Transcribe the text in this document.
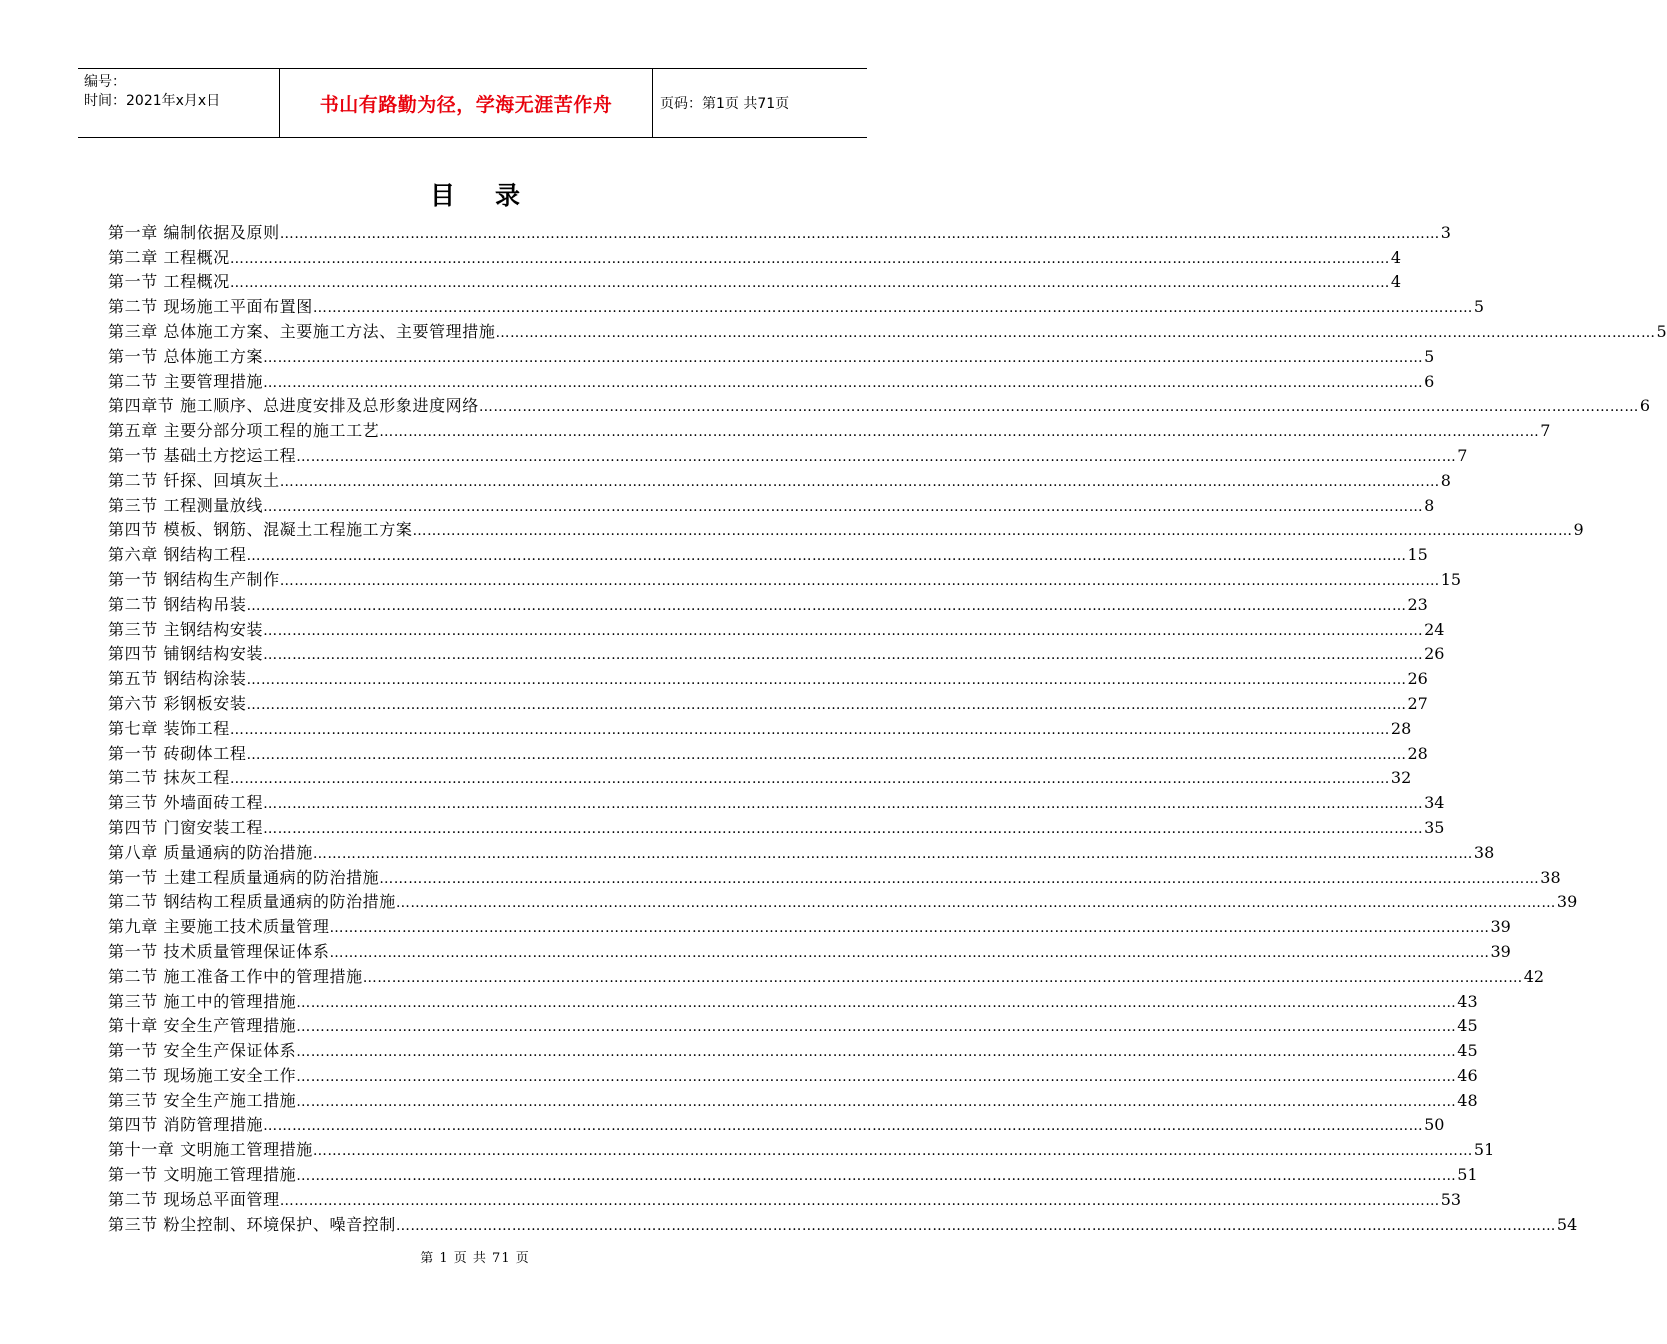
编号：
时间：2021年x月x日	书山有路勤为径，学海无涯苦作舟	页码：第1页 共71页
目录
第一章 编制依据及原则 …………………………………………………………………………………………………………………………………………………………………………………………………………………… 3
第二章 工程概况 …………………………………………………………………………………………………………………………………………………………………………………………………………………… 4
第一节 工程概况 …………………………………………………………………………………………………………………………………………………………………………………………………………………… 4
第二节 现场施工平面布置图 …………………………………………………………………………………………………………………………………………………………………………………………………………………… 5
第三章 总体施工方案、主要施工方法、主要管理措施 …………………………………………………………………………………………………………………………………………………………………………………………………………………… 5
第一节 总体施工方案 …………………………………………………………………………………………………………………………………………………………………………………………………………………… 5
第二节 主要管理措施 …………………………………………………………………………………………………………………………………………………………………………………………………………………… 6
第四章节 施工顺序、总进度安排及总形象进度网络 …………………………………………………………………………………………………………………………………………………………………………………………………………………… 6
第五章 主要分部分项工程的施工工艺 …………………………………………………………………………………………………………………………………………………………………………………………………………………… 7
第一节 基础土方挖运工程 …………………………………………………………………………………………………………………………………………………………………………………………………………………… 7
第二节 钎探、回填灰土 …………………………………………………………………………………………………………………………………………………………………………………………………………………… 8
第三节 工程测量放线 …………………………………………………………………………………………………………………………………………………………………………………………………………………… 8
第四节 模板、钢筋、混凝土工程施工方案 …………………………………………………………………………………………………………………………………………………………………………………………………………………… 9
第六章 钢结构工程 …………………………………………………………………………………………………………………………………………………………………………………………………………………… 15
第一节 钢结构生产制作 …………………………………………………………………………………………………………………………………………………………………………………………………………………… 15
第二节 钢结构吊装 …………………………………………………………………………………………………………………………………………………………………………………………………………………… 23
第三节 主钢结构安装 …………………………………………………………………………………………………………………………………………………………………………………………………………………… 24
第四节 铺钢结构安装 …………………………………………………………………………………………………………………………………………………………………………………………………………………… 26
第五节 钢结构涂装 …………………………………………………………………………………………………………………………………………………………………………………………………………………… 26
第六节 彩钢板安装 …………………………………………………………………………………………………………………………………………………………………………………………………………………… 27
第七章 装饰工程 …………………………………………………………………………………………………………………………………………………………………………………………………………………… 28
第一节 砖砌体工程 …………………………………………………………………………………………………………………………………………………………………………………………………………………… 28
第二节 抹灰工程 …………………………………………………………………………………………………………………………………………………………………………………………………………………… 32
第三节 外墙面砖工程 …………………………………………………………………………………………………………………………………………………………………………………………………………………… 34
第四节 门窗安装工程 …………………………………………………………………………………………………………………………………………………………………………………………………………………… 35
第八章 质量通病的防治措施 …………………………………………………………………………………………………………………………………………………………………………………………………………………… 38
第一节 土建工程质量通病的防治措施 …………………………………………………………………………………………………………………………………………………………………………………………………………………… 38
第二节 钢结构工程质量通病的防治措施 …………………………………………………………………………………………………………………………………………………………………………………………………………………… 39
第九章 主要施工技术质量管理 …………………………………………………………………………………………………………………………………………………………………………………………………………………… 39
第一节 技术质量管理保证体系 …………………………………………………………………………………………………………………………………………………………………………………………………………………… 39
第二节 施工准备工作中的管理措施 …………………………………………………………………………………………………………………………………………………………………………………………………………………… 42
第三节 施工中的管理措施 …………………………………………………………………………………………………………………………………………………………………………………………………………………… 43
第十章 安全生产管理措施 …………………………………………………………………………………………………………………………………………………………………………………………………………………… 45
第一节 安全生产保证体系 …………………………………………………………………………………………………………………………………………………………………………………………………………………… 45
第二节 现场施工安全工作 …………………………………………………………………………………………………………………………………………………………………………………………………………………… 46
第三节 安全生产施工措施 …………………………………………………………………………………………………………………………………………………………………………………………………………………… 48
第四节 消防管理措施 …………………………………………………………………………………………………………………………………………………………………………………………………………………… 50
第十一章 文明施工管理措施 …………………………………………………………………………………………………………………………………………………………………………………………………………………… 51
第一节 文明施工管理措施 …………………………………………………………………………………………………………………………………………………………………………………………………………………… 51
第二节 现场总平面管理 …………………………………………………………………………………………………………………………………………………………………………………………………………………… 53
第三节 粉尘控制、环境保护、噪音控制 …………………………………………………………………………………………………………………………………………………………………………………………………………………… 54
第 1 页 共 71 页
